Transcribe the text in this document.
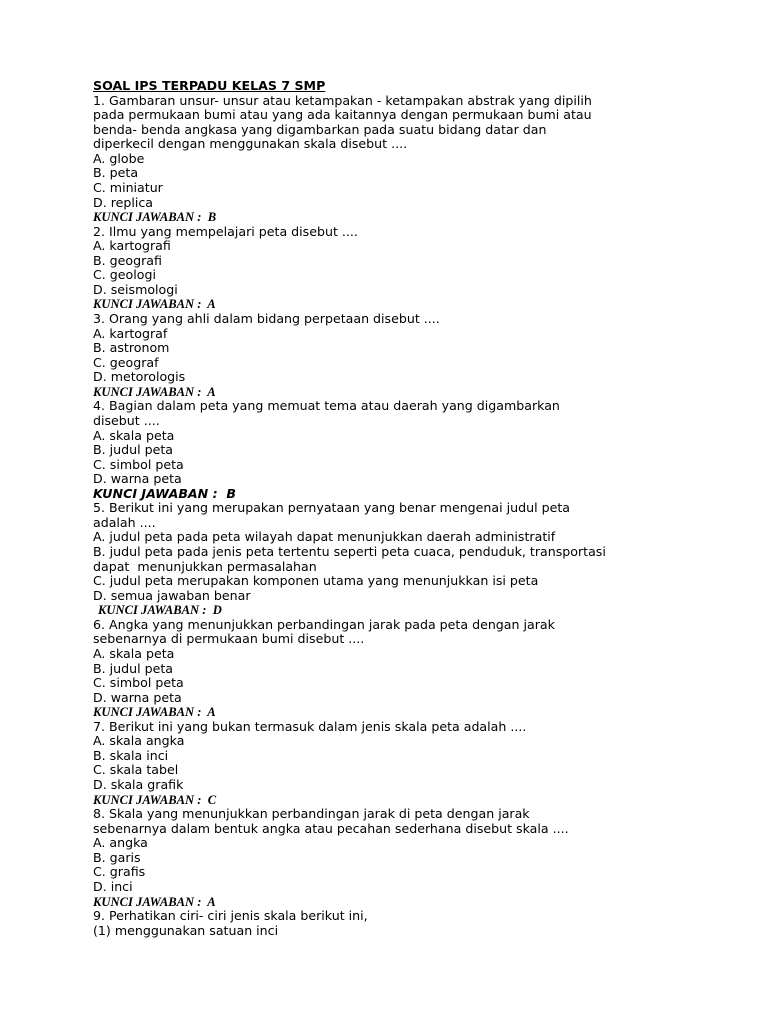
SOAL IPS TERPADU KELAS 7 SMP
1. Gambaran unsur- unsur atau ketampakan - ketampakan abstrak yang dipilih
pada permukaan bumi atau yang ada kaitannya dengan permukaan bumi atau
benda- benda angkasa yang digambarkan pada suatu bidang datar dan
diperkecil dengan menggunakan skala disebut ....
A. globe
B. peta
C. miniatur
D. replica
KUNCI JAWABAN :  B
2. Ilmu yang mempelajari peta disebut ....
A. kartografi
B. geografi
C. geologi
D. seismologi
KUNCI JAWABAN :  A
3. Orang yang ahli dalam bidang perpetaan disebut ....
A. kartograf
B. astronom
C. geograf
D. metorologis
KUNCI JAWABAN :  A
4. Bagian dalam peta yang memuat tema atau daerah yang digambarkan
disebut ....
A. skala peta
B. judul peta
C. simbol peta
D. warna peta
KUNCI JAWABAN :  B
5. Berikut ini yang merupakan pernyataan yang benar mengenai judul peta
adalah ....
A. judul peta pada peta wilayah dapat menunjukkan daerah administratif
B. judul peta pada jenis peta tertentu seperti peta cuaca, penduduk, transportasi
dapat  menunjukkan permasalahan
C. judul peta merupakan komponen utama yang menunjukkan isi peta
D. semua jawaban benar
KUNCI JAWABAN :  D
6. Angka yang menunjukkan perbandingan jarak pada peta dengan jarak
sebenarnya di permukaan bumi disebut ....
A. skala peta
B. judul peta
C. simbol peta
D. warna peta
KUNCI JAWABAN :  A
7. Berikut ini yang bukan termasuk dalam jenis skala peta adalah ....
A. skala angka
B. skala inci
C. skala tabel
D. skala grafik
KUNCI JAWABAN :  C
8. Skala yang menunjukkan perbandingan jarak di peta dengan jarak
sebenarnya dalam bentuk angka atau pecahan sederhana disebut skala ....
A. angka
B. garis
C. grafis
D. inci
KUNCI JAWABAN :  A
9. Perhatikan ciri- ciri jenis skala berikut ini,
(1) menggunakan satuan inci
